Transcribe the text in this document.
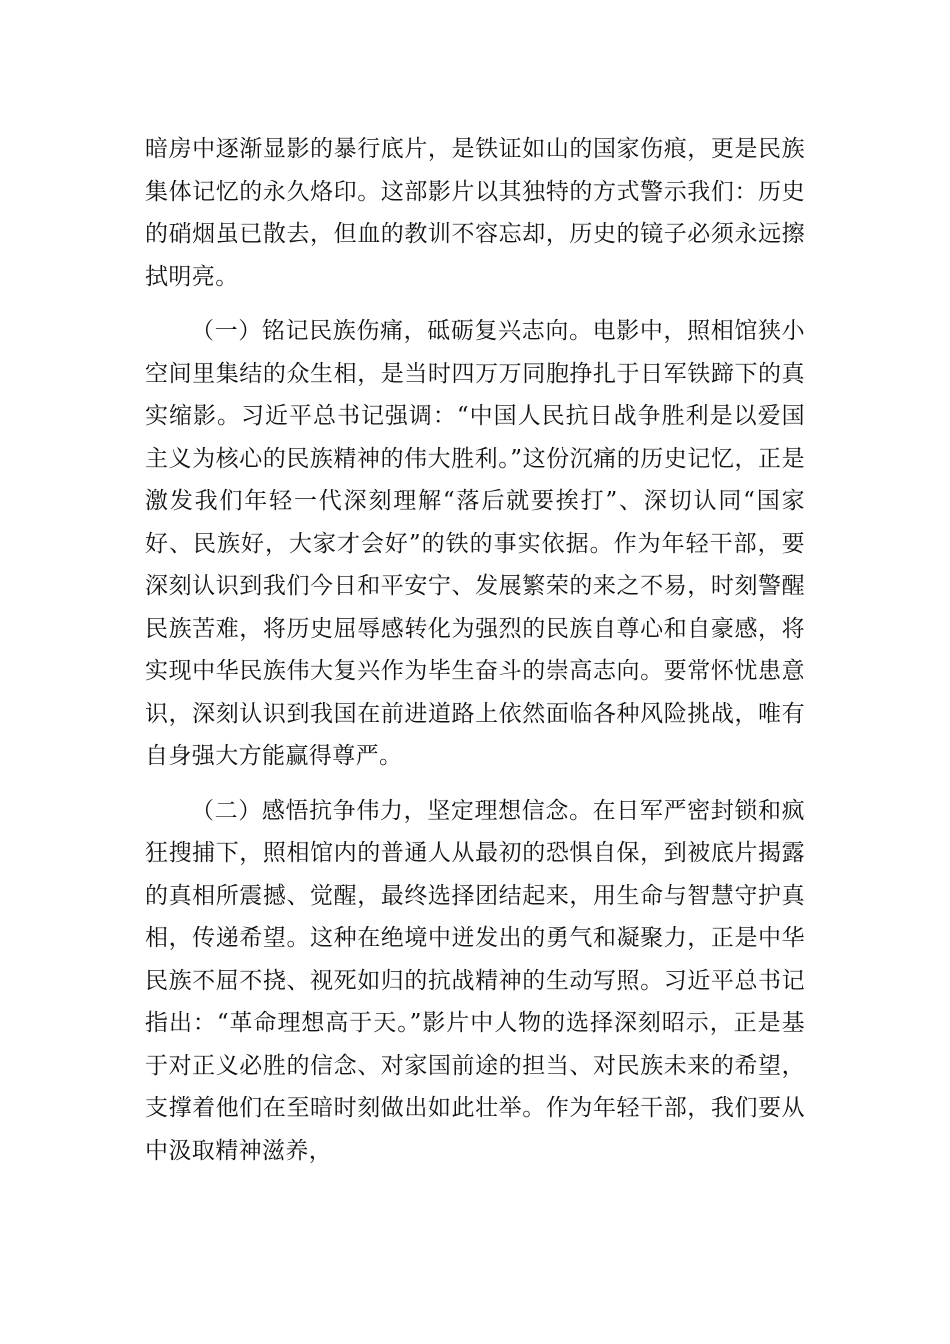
暗房中逐渐显影的暴行底片，是铁证如山的国家伤痕，更是民族集体记忆的永久烙印。这部影片以其独特的方式警示我们：历史的硝烟虽已散去，但血的教训不容忘却，历史的镜子必须永远擦拭明亮。

（一）铭记民族伤痛，砥砺复兴志向。电影中，照相馆狭小空间里集结的众生相，是当时四万万同胞挣扎于日军铁蹄下的真实缩影。习近平总书记强调：“中国人民抗日战争胜利是以爱国主义为核心的民族精神的伟大胜利。”这份沉痛的历史记忆，正是激发我们年轻一代深刻理解“落后就要挨打”、深切认同“国家好、民族好，大家才会好”的铁的事实依据。作为年轻干部，要深刻认识到我们今日和平安宁、发展繁荣的来之不易，时刻警醒民族苦难，将历史屈辱感转化为强烈的民族自尊心和自豪感，将实现中华民族伟大复兴作为毕生奋斗的崇高志向。要常怀忧患意识，深刻认识到我国在前进道路上依然面临各种风险挑战，唯有自身强大方能赢得尊严。

（二）感悟抗争伟力，坚定理想信念。在日军严密封锁和疯狂搜捕下，照相馆内的普通人从最初的恐惧自保，到被底片揭露的真相所震撼、觉醒，最终选择团结起来，用生命与智慧守护真相，传递希望。这种在绝境中迸发出的勇气和凝聚力，正是中华民族不屈不挠、视死如归的抗战精神的生动写照。习近平总书记指出：“革命理想高于天。”影片中人物的选择深刻昭示，正是基于对正义必胜的信念、对家国前途的担当、对民族未来的希望，支撑着他们在至暗时刻做出如此壮举。作为年轻干部，我们要从中汲取精神滋养，
